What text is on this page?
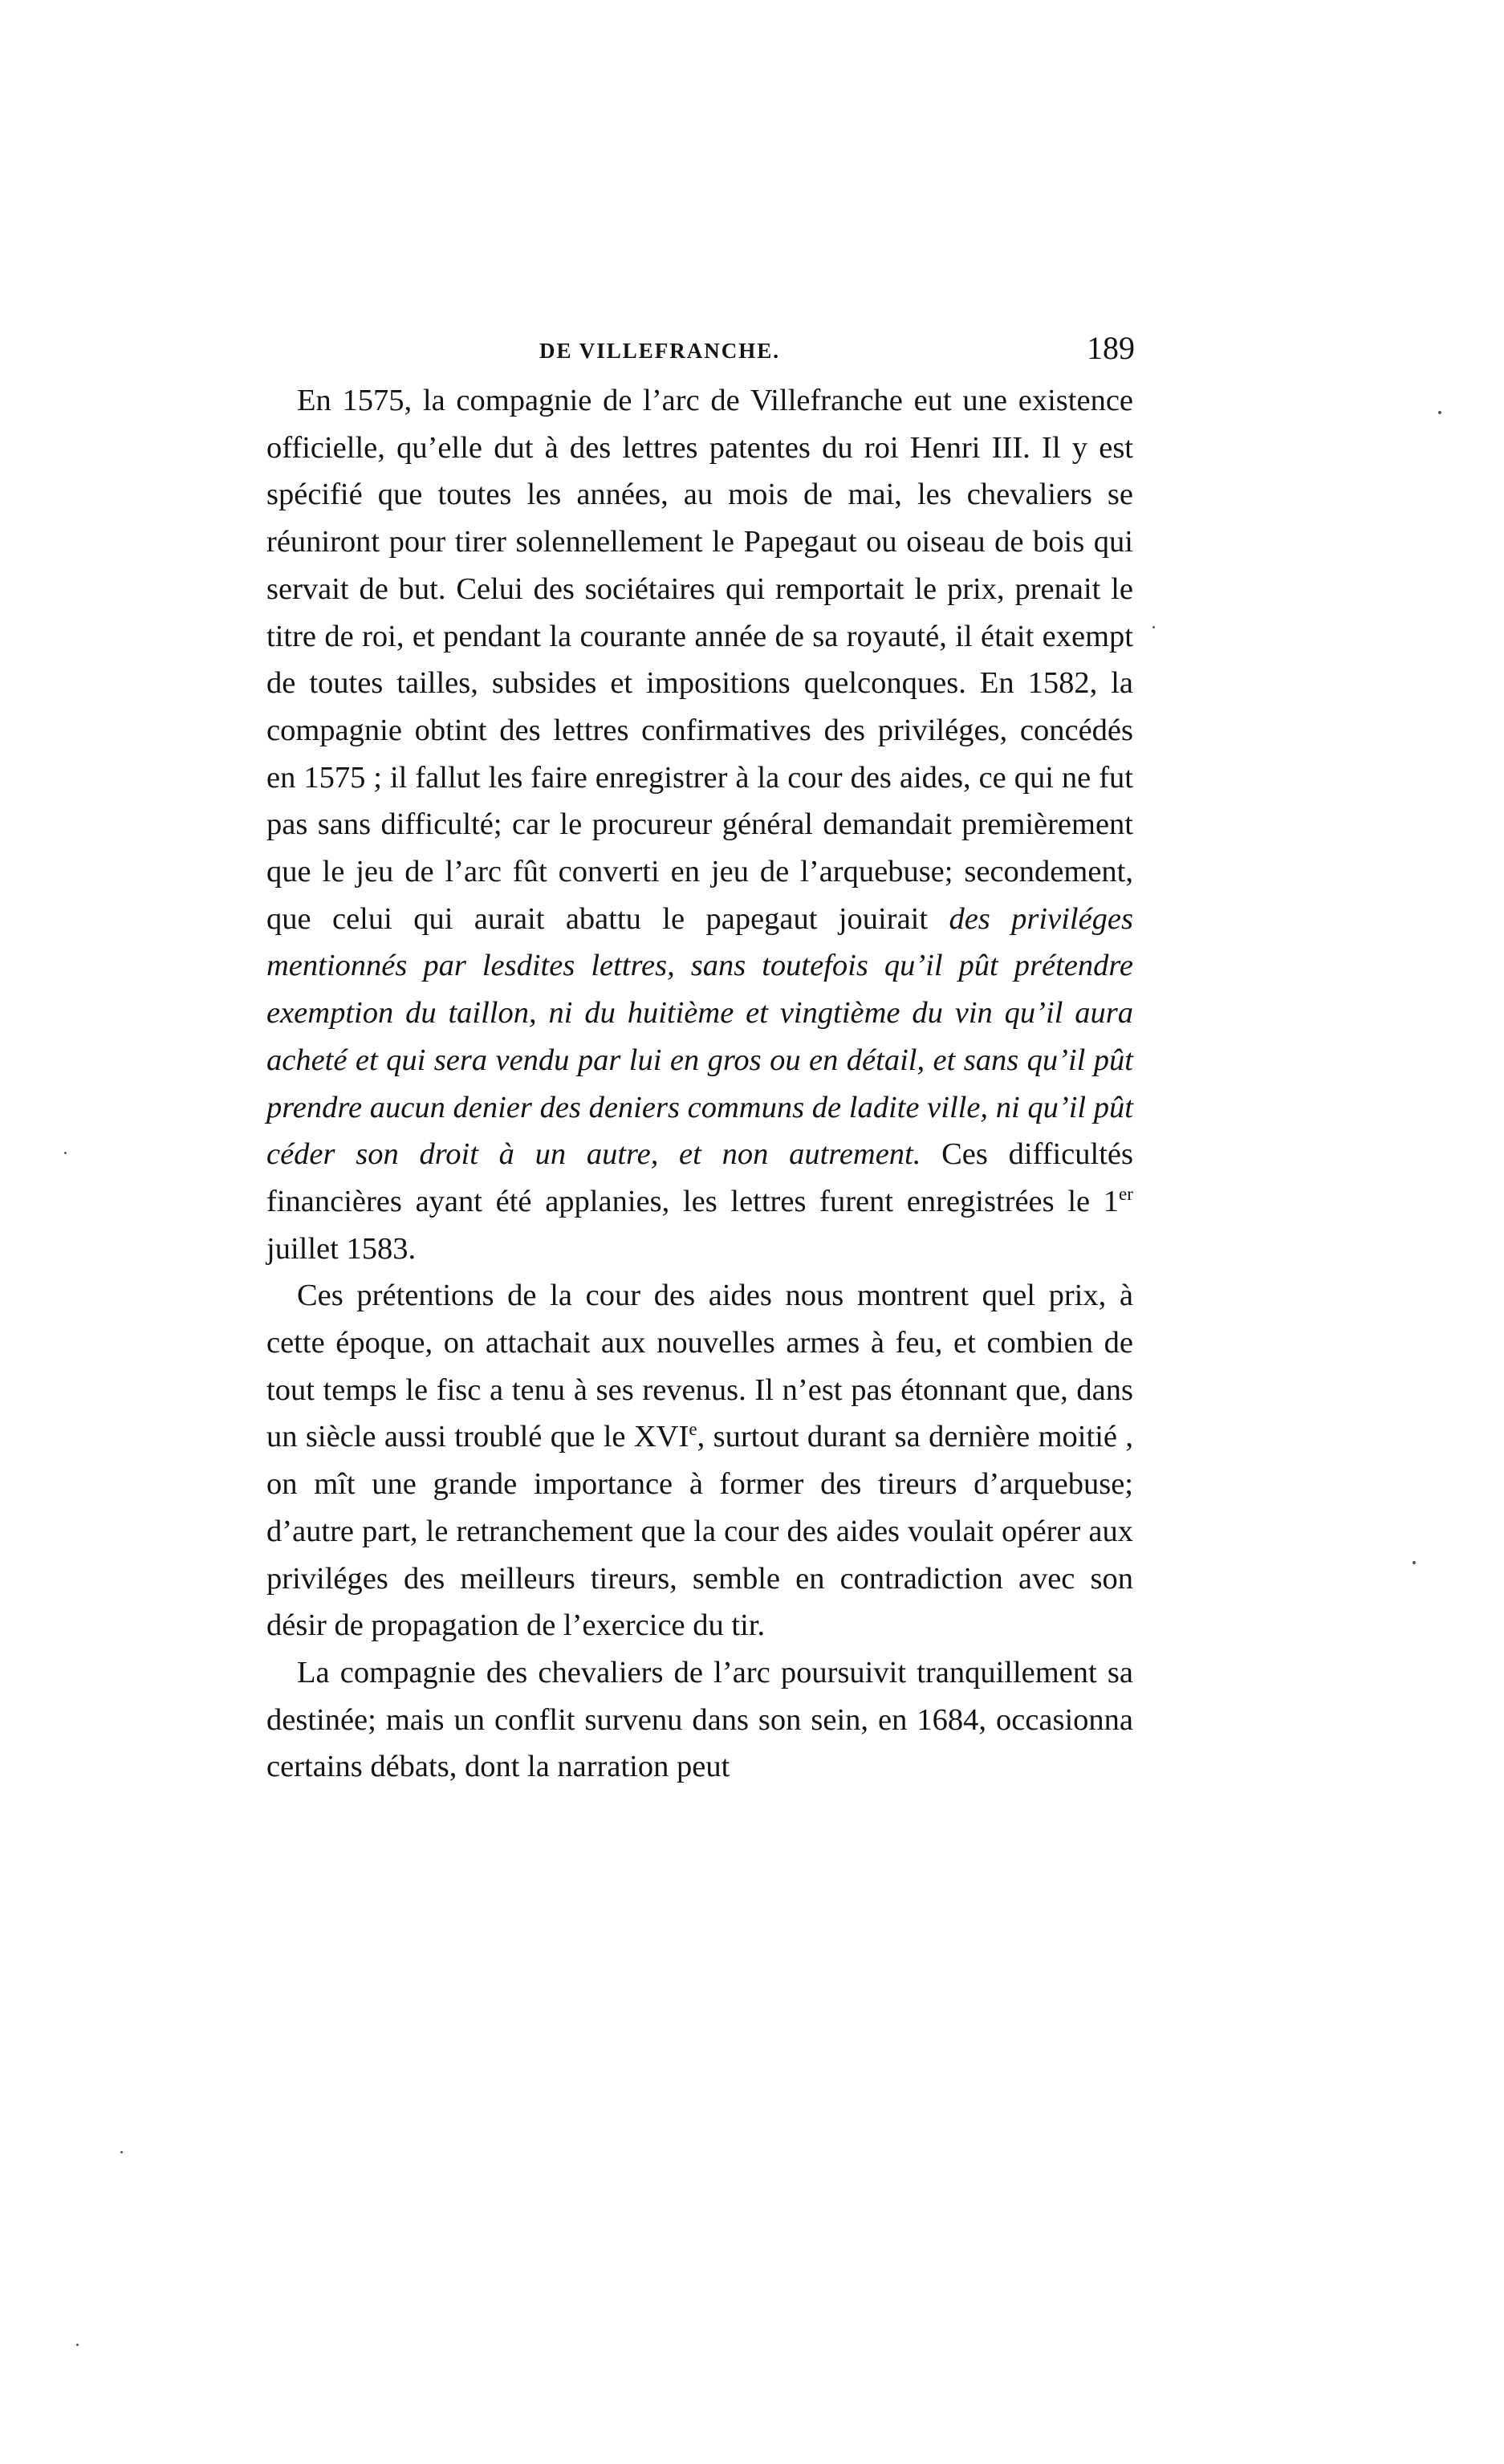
DE VILLEFRANCHE.	189

En 1575, la compagnie de l’arc de Villefranche eut une existence officielle, qu’elle dut à des lettres patentes du roi Henri III. Il y est spécifié que toutes les années, au mois de mai, les chevaliers se réuniront pour tirer solennellement le Papegaut ou oiseau de bois qui servait de but. Celui des sociétaires qui remportait le prix, prenait le titre de roi, et pendant la courante année de sa royauté, il était exempt de toutes tailles, subsides et impositions quelconques. En 1582, la compagnie obtint des lettres confirmatives des priviléges, concédés en 1575 ; il fallut les faire enregistrer à la cour des aides, ce qui ne fut pas sans difficulté; car le procureur général demandait premièrement que le jeu de l’arc fût converti en jeu de l’arquebuse; secondement, que celui qui aurait abattu le papegaut jouirait des priviléges mentionnés par lesdites lettres, sans toutefois qu’il pût prétendre exemption du taillon, ni du huitième et vingtième du vin qu’il aura acheté et qui sera vendu par lui en gros ou en détail, et sans qu’il pût prendre aucun denier des deniers communs de ladite ville, ni qu’il pût céder son droit à un autre, et non autrement. Ces difficultés financières ayant été applanies, les lettres furent enregistrées le 1er juillet 1583.

Ces prétentions de la cour des aides nous montrent quel prix, à cette époque, on attachait aux nouvelles armes à feu, et combien de tout temps le fisc a tenu à ses revenus. Il n’est pas étonnant que, dans un siècle aussi troublé que le XVIe, surtout durant sa dernière moitié , on mît une grande importance à former des tireurs d’arquebuse; d’autre part, le retranchement que la cour des aides voulait opérer aux priviléges des meilleurs tireurs, semble en contradiction avec son désir de propagation de l’exercice du tir.

La compagnie des chevaliers de l’arc poursuivit tranquillement sa destinée; mais un conflit survenu dans son sein, en 1684, occasionna certains débats, dont la narration peut
